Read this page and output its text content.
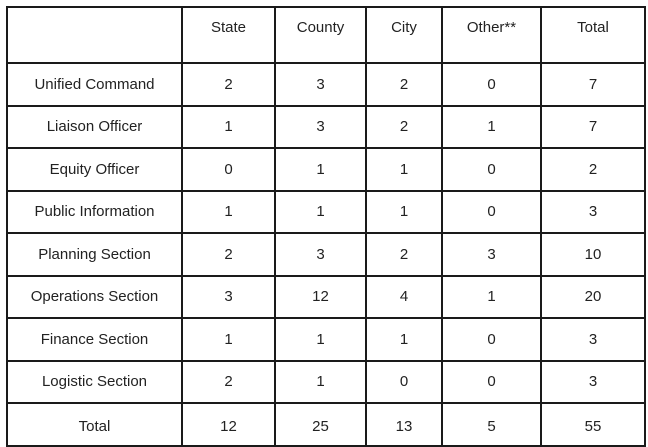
	State	County	City	Other**	Total
Unified Command	2	3	2	0	7
Liaison Officer	1	3	2	1	7
Equity Officer	0	1	1	0	2
Public Information	1	1	1	0	3
Planning Section	2	3	2	3	10
Operations Section	3	12	4	1	20
Finance Section	1	1	1	0	3
Logistic Section	2	1	0	0	3
Total	12	25	13	5	55
